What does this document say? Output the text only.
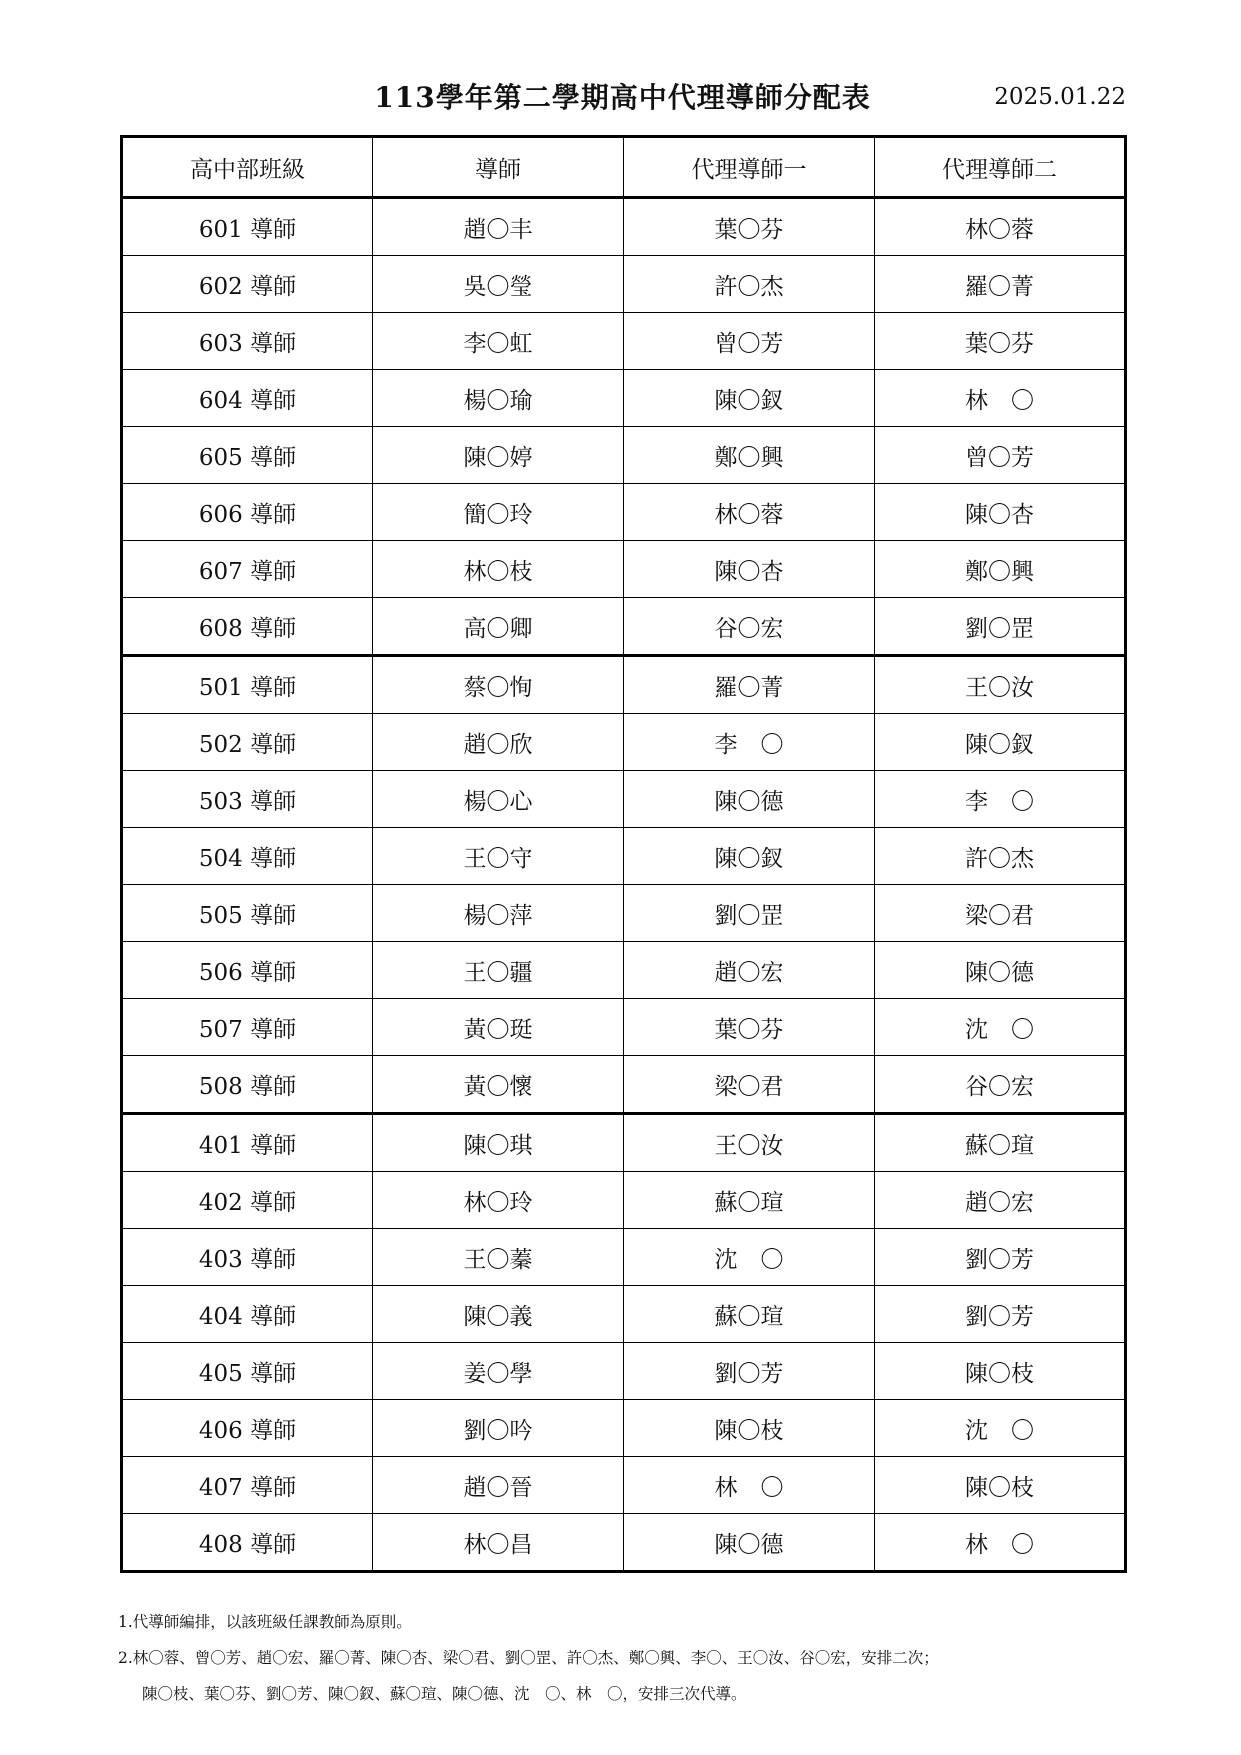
113學年第二學期高中代理導師分配表	2025.01.22
高中部班級	導師	代理導師一	代理導師二
601 導師	趙〇丰	葉〇芬	林〇蓉
602 導師	吳〇瑩	許〇杰	羅〇菁
603 導師	李〇虹	曾〇芳	葉〇芬
604 導師	楊〇瑜	陳〇釵	林　〇
605 導師	陳〇婷	鄭〇興	曾〇芳
606 導師	簡〇玲	林〇蓉	陳〇杏
607 導師	林〇枝	陳〇杏	鄭〇興
608 導師	高〇卿	谷〇宏	劉〇罡
501 導師	蔡〇恂	羅〇菁	王〇汝
502 導師	趙〇欣	李　〇	陳〇釵
503 導師	楊〇心	陳〇德	李　〇
504 導師	王〇守	陳〇釵	許〇杰
505 導師	楊〇萍	劉〇罡	梁〇君
506 導師	王〇疆	趙〇宏	陳〇德
507 導師	黃〇珽	葉〇芬	沈　〇
508 導師	黃〇懷	梁〇君	谷〇宏
401 導師	陳〇琪	王〇汝	蘇〇瑄
402 導師	林〇玲	蘇〇瑄	趙〇宏
403 導師	王〇蓁	沈　〇	劉〇芳
404 導師	陳〇義	蘇〇瑄	劉〇芳
405 導師	姜〇學	劉〇芳	陳〇枝
406 導師	劉〇吟	陳〇枝	沈　〇
407 導師	趙〇晉	林　〇	陳〇枝
408 導師	林〇昌	陳〇德	林　〇

1.代導師編排，以該班級任課教師為原則。

2.林〇蓉、曾〇芳、趙〇宏、羅〇菁、陳〇杏、梁〇君、劉〇罡、許〇杰、鄭〇興、李〇、王〇汝、谷〇宏，安排二次；

陳〇枝、葉〇芬、劉〇芳、陳〇釵、蘇〇瑄、陳〇德、沈　〇、林　〇，安排三次代導。
